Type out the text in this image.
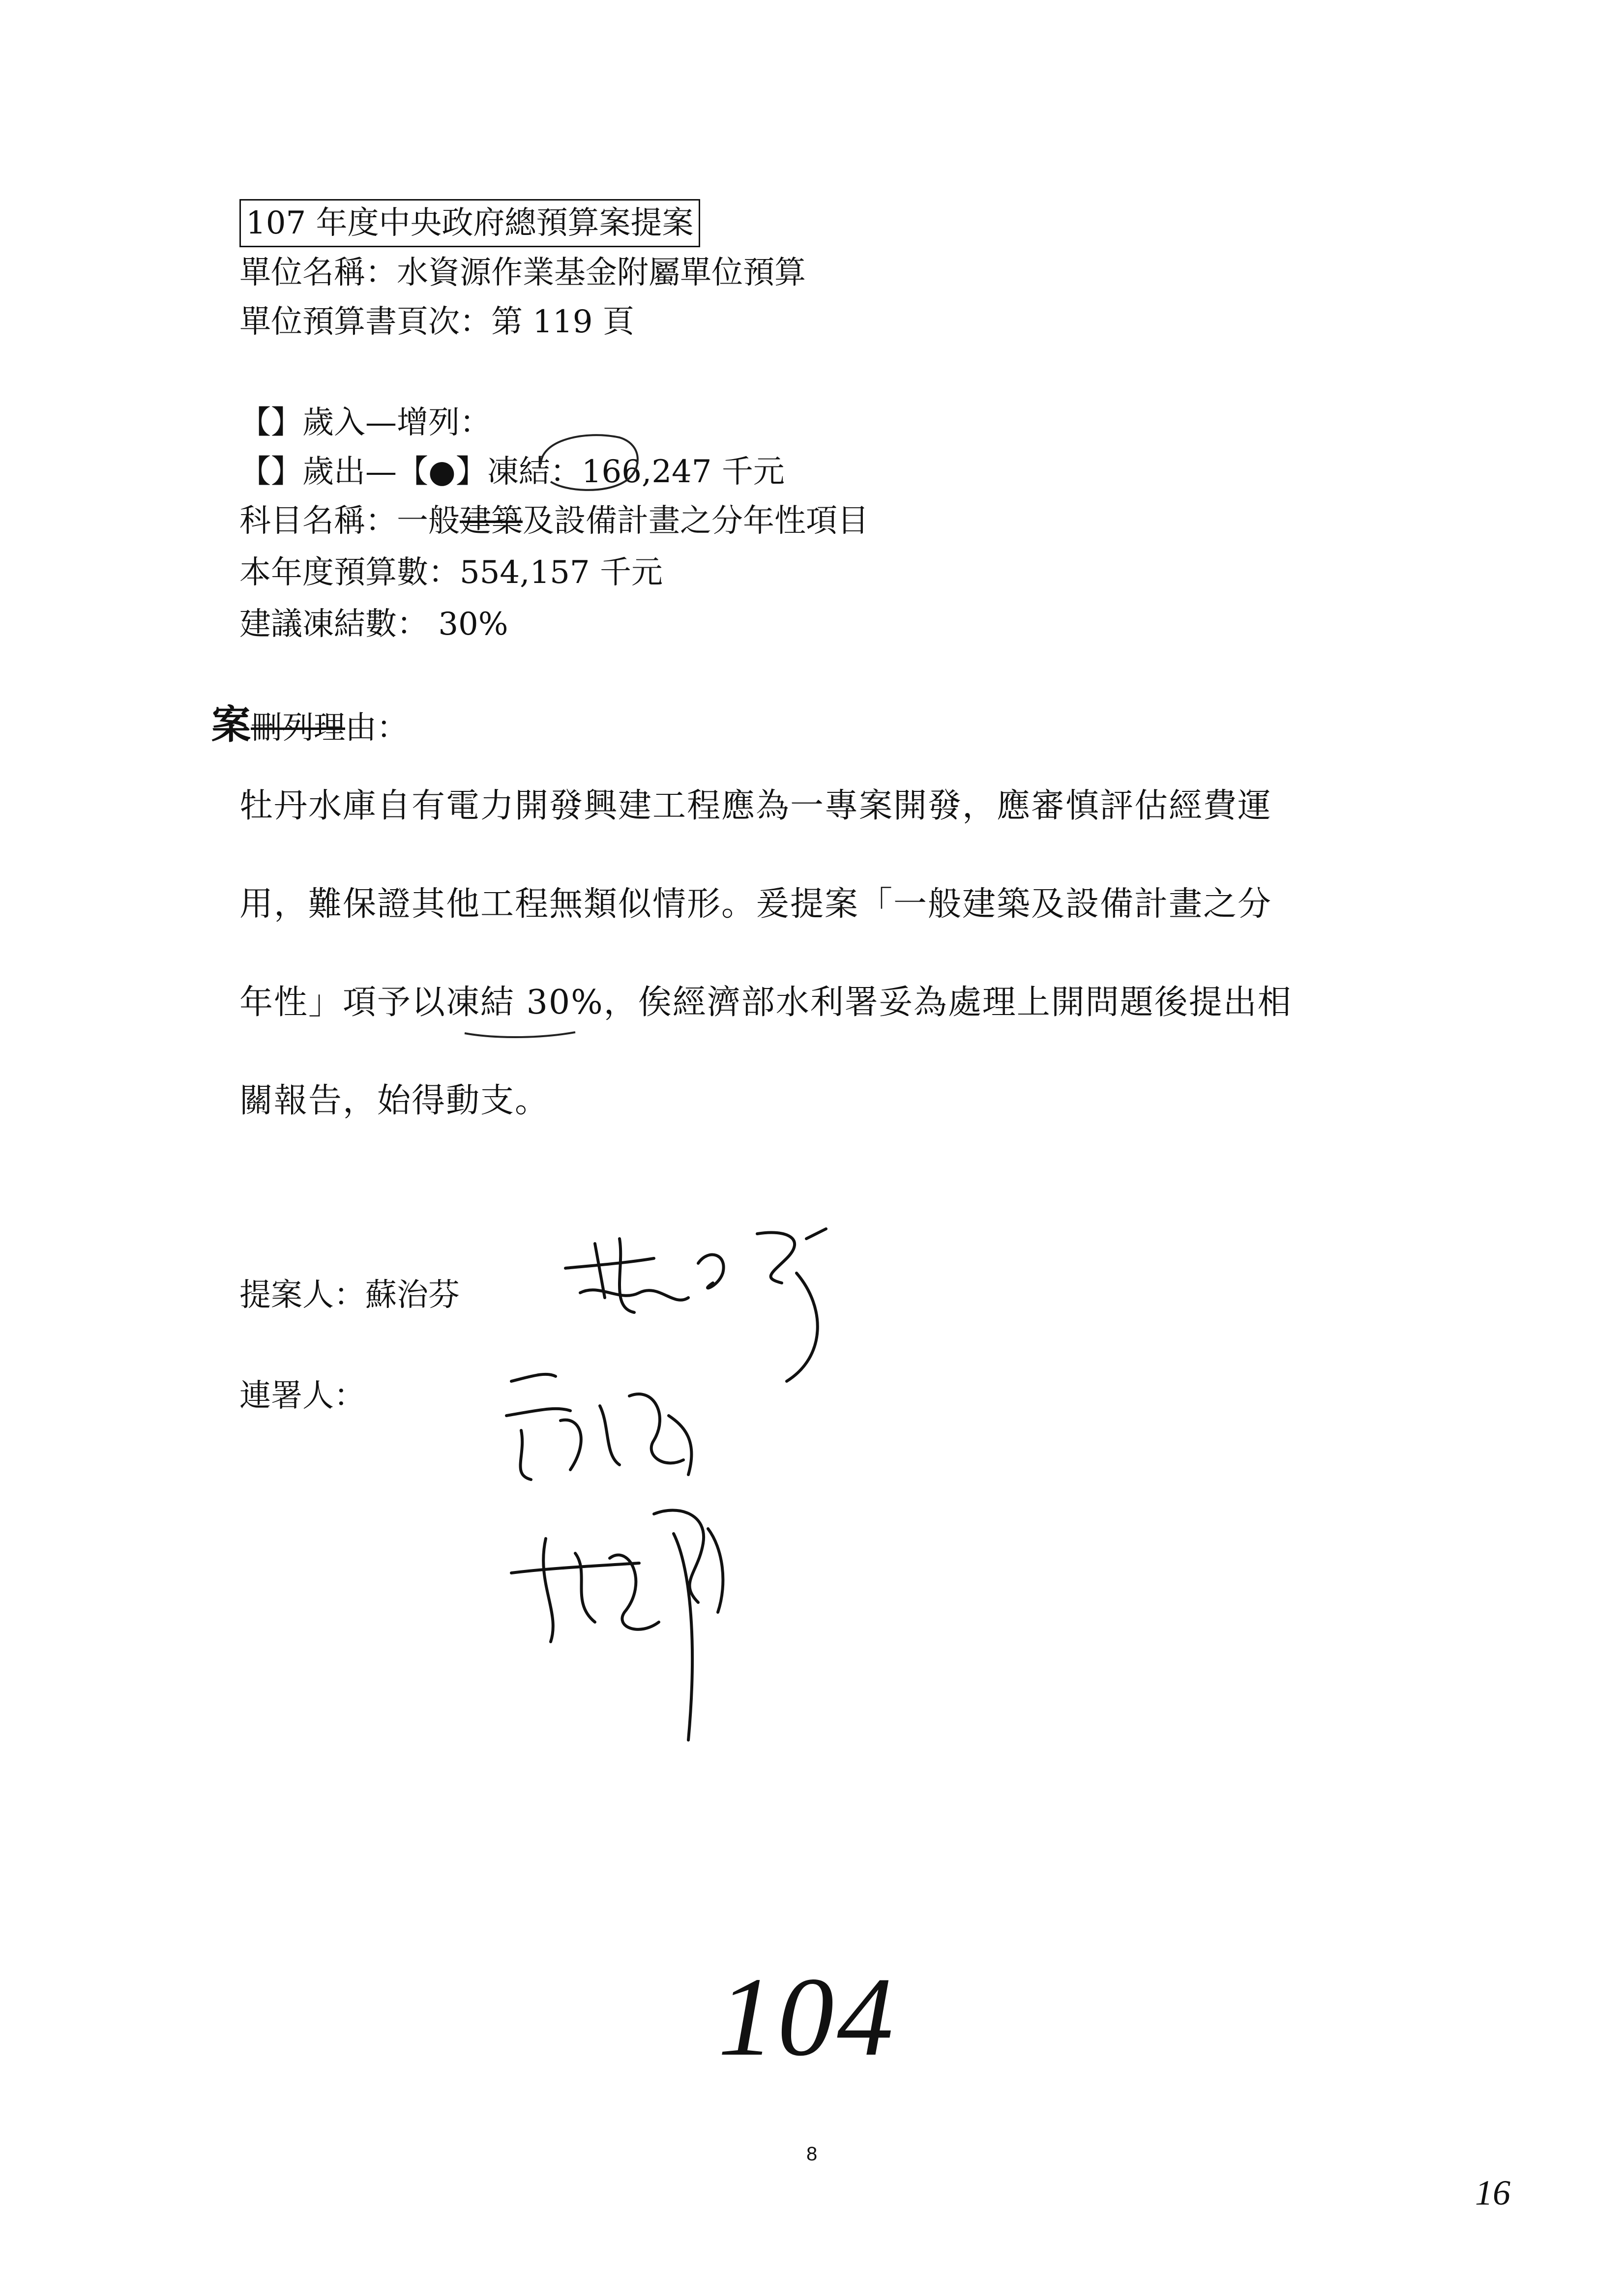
107 年度中央政府總預算案提案
單位名稱：水資源作業基金附屬單位預算
單位預算書頁次：第 119 頁
【】歲入—增列：
【】歲出—【●】凍結：166,247 千元
科目名稱：一般建築及設備計畫之分年性項目
本年度預算數：554,157 千元
建議凍結數： 30%
案刪列理由：
牡丹水庫自有電力開發興建工程應為一專案開發，應審慎評估經費運
用，難保證其他工程無類似情形。爰提案「一般建築及設備計畫之分
年性」項予以凍結 30%，俟經濟部水利署妥為處理上開問題後提出相
關報告，始得動支。
提案人：蘇治芬
連署人：
104
8
16
